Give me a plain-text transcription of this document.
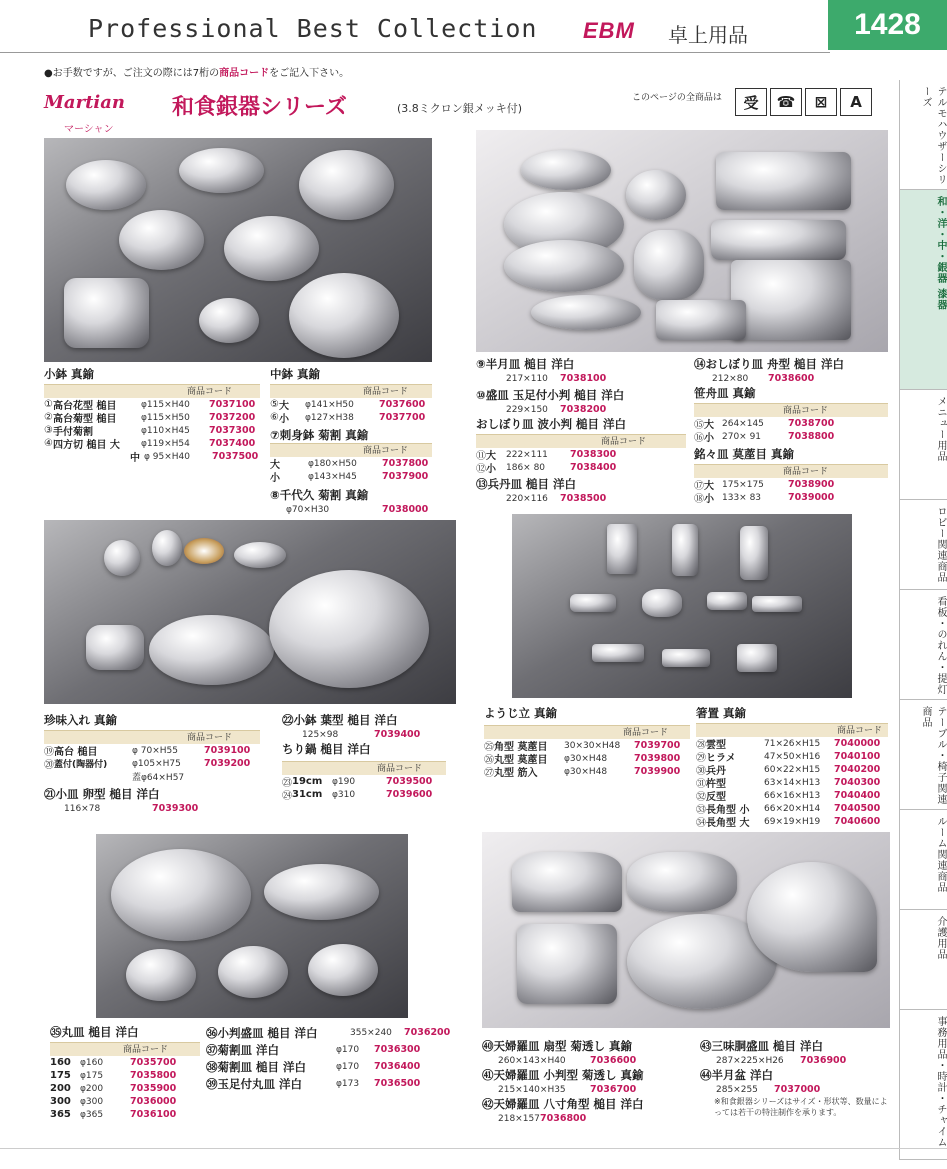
Professional Best Collection EBM 卓上用品	1428
●お手数ですが、ご注文の際には7桁の商品コードをご記入下さい。
Martian
マーシャン
和食銀器シリーズ	(3.8ミクロン銀メッキ付)
このページの全商品は	受	☎	⊠	A	テルモハウザーシリーズ
和・洋・中・銀器 漆器
メニュー用品
ロビー関連商品
看板・のれん・提灯
テーブル・椅子関連商品
ルーム関連商品
介護用品
事務用品・時計・チャイム
小鉢 真鍮
商品コード
① 高台花型 槌目	φ115×H40	7037100
② 高台菊型 槌目	φ115×H50	7037200
③ 手付菊割	φ110×H45	7037300
④ 四方切 槌目 大	φ119×H54	7037400
中 φ 95×H40	7037500
中鉢 真鍮
商品コード
⑤ 大	φ141×H50	7037600
⑥ 小	φ127×H38	7037700
⑦刺身鉢 菊割 真鍮
商品コード
大	φ180×H50	7037800
小	φ143×H45	7037900
⑧千代久 菊割 真鍮
φ70×H30	7038000
⑨半月皿 槌目 洋白
217×110	7038100
⑩盛皿 玉足付小判 槌目 洋白
229×150	7038200
おしぼり皿 波小判 槌目 洋白
商品コード
⑪ 大	222×111	7038300
⑫ 小	186× 80	7038400
⑬兵丹皿 槌目 洋白
220×116	7038500
⑭おしぼり皿 舟型 槌目 洋白
212×80	7038600
笹舟皿 真鍮
商品コード
⑮ 大 264×145	7038700
⑯ 小 270× 91	7038800
銘々皿 莫蓙目 真鍮
商品コード
⑰ 大 175×175	7038900
⑱ 小 133× 83	7039000
珍味入れ 真鍮
商品コード
⑲ 高台 槌目	φ 70×H55	7039100
⑳ 蓋付(陶器付)	φ105×H75	7039200
蓋φ64×H57
㉑小皿 卵型 槌目 洋白
116×78	7039300
㉒小鉢 葉型 槌目 洋白
125×98	7039400
ちり鍋 槌目 洋白
商品コード
㉓ 19cm	φ190	7039500
㉔ 31cm	φ310	7039600
ようじ立 真鍮
商品コード
㉕ 角型 莫蓙目	30×30×H48	7039700
㉖ 丸型 莫蓙目	φ30×H48	7039800
㉗ 丸型 筋入	φ30×H48	7039900
箸置 真鍮
商品コード
㉘ 雲型	71×26×H15	7040000
㉙ ヒラメ	47×50×H16	7040100
㉚ 兵丹	60×22×H15	7040200
㉛ 杵型	63×14×H13	7040300
㉜ 反型	66×16×H13	7040400
㉝ 長角型 小	66×20×H14	7040500
㉞ 長角型 大	69×19×H19	7040600
㉟丸皿 槌目 洋白
商品コード
160	φ160	7035700
175	φ175	7035800
200	φ200	7035900
300	φ300	7036000
365	φ365	7036100
㊱小判盛皿 槌目 洋白	355×240	7036200
㊲菊割皿 洋白	φ170	7036300
㊳菊割皿 槌目 洋白	φ170	7036400
㊴玉足付丸皿 洋白	φ173	7036500
㊵天婦羅皿 扇型 菊透し 真鍮
260×143×H40	7036600
㊶天婦羅皿 小判型 菊透し 真鍮
215×140×H35	7036700
㊷天婦羅皿 八寸角型 槌目 洋白
218×157 7036800
㊸三味胴盛皿 槌目 洋白
287×225×H26	7036900
㊹半月盆 洋白
285×255	7037000
※和食銀器シリーズはサイズ・形状等、数量によっては若干の特注制作を承ります。
